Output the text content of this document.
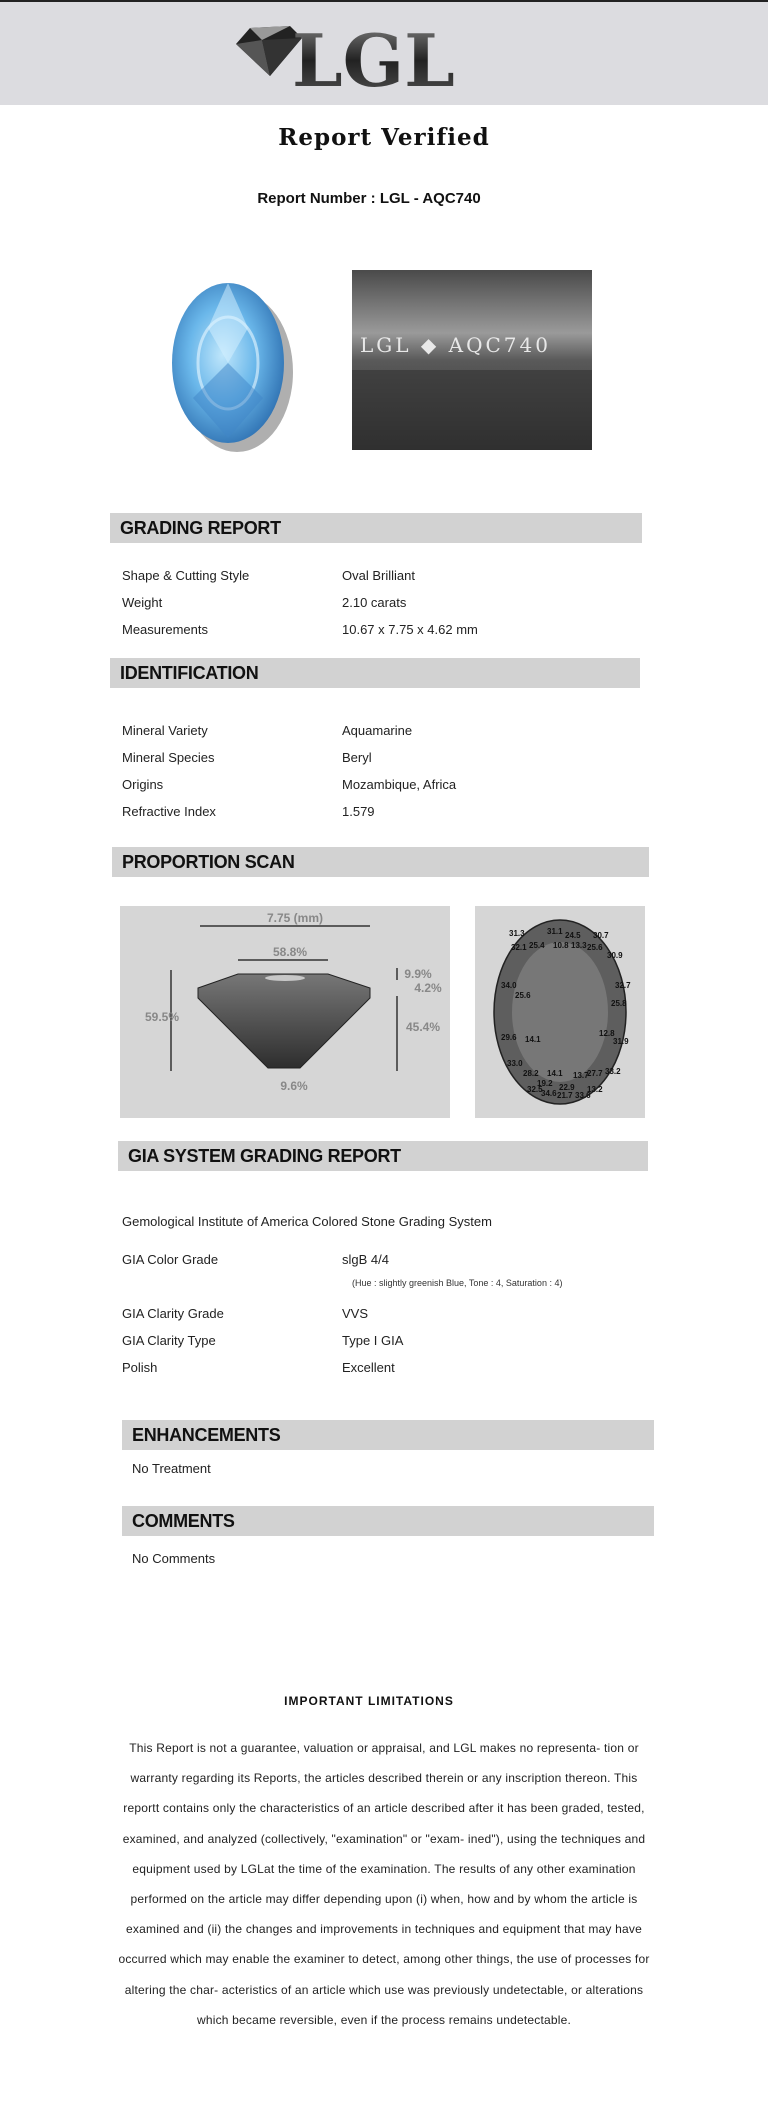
LGL
Report Verified
Report Number : LGL - AQC740
LGL ◆ AQC740
GRADING REPORT
Shape & Cutting Style	Oval Brilliant
Weight	2.10 carats
Measurements	10.67 x 7.75 x 4.62 mm
IDENTIFICATION
Mineral Variety	Aquamarine
Mineral Species	Beryl
Origins	Mozambique, Africa
Refractive Index	1.579
PROPORTION SCAN
7.75 (mm)
58.8%
59.5%
9.9%
4.2%
45.4%
9.6%
31.3	31.1 24.5 30.7
32.1 25.4 10.8 13.3 25.6
30.9
34.0
25.6
32.7
25.8
29.6 14.1
12.8
31.9
33.0
28.2 14.1 13.7
27.7 33.2
32.5
19.2 22.9
34.6 21.7 33.6
13.2
GIA SYSTEM GRADING REPORT
Gemological Institute of America Colored Stone Grading System
GIA Color Grade	slgB 4/4
(Hue : slightly greenish Blue, Tone : 4, Saturation : 4)
GIA Clarity Grade	VVS
GIA Clarity Type	Type I GIA
Polish	Excellent
ENHANCEMENTS
No Treatment
COMMENTS
No Comments
IMPORTANT LIMITATIONS
This Report is not a guarantee, valuation or appraisal, and LGL makes no representa- tion or warranty regarding its Reports, the articles described therein or any inscription thereon. This reportt contains only the characteristics of an article described after it has been graded, tested, examined, and analyzed (collectively, "examination" or "exam- ined"), using the techniques and equipment used by LGLat the time of the examination. The results of any other examination performed on the article may differ depending upon (i) when, how and by whom the article is examined and (ii) the changes and improvements in techniques and equipment that may have occurred which may enable the examiner to detect, among other things, the use of processes for altering the char- acteristics of an article which use was previously undetectable, or alterations which became reversible, even if the process remains undetectable.
